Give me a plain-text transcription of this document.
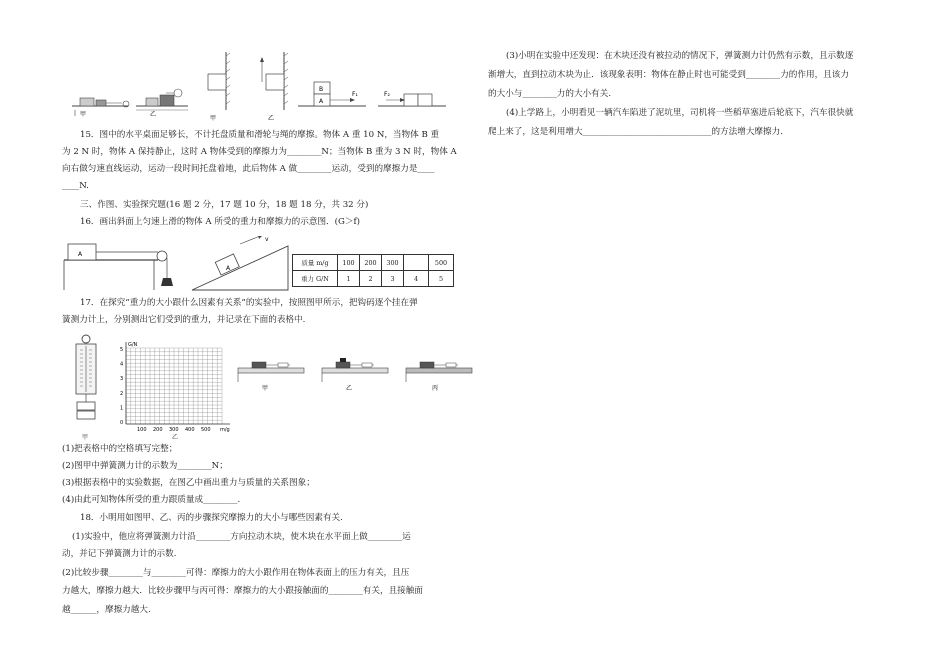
甲	乙
甲	乙
B
A
F₁	F₂
15．图中的水平桌面足够长，不计托盘质量和滑轮与绳的摩擦。物体 A 重 10 N，当物体 B 重
为 2 N 时，物体 A 保持静止，这时 A 物体受到的摩擦力为________N；当物体 B 重为 3 N 时，物体 A
向右做匀速直线运动，运动一段时间托盘着地，此后物体 A 做________运动，受到的摩擦力是____
____N.
三、作图、实验探究题(16 题 2 分，17 题 10 分，18 题 18 分，共 32 分)
16．画出斜面上匀速上滑的物体 A 所受的重力和摩擦力的示意图．(G＞f)
A
A
v
质量 m/g	100	200	300		500
重力 G/N	1	2	3	4	5
17．在探究“重力的大小跟什么因素有关系”的实验中，按照图甲所示，把钩码逐个挂在弹
簧测力计上，分别测出它们受到的重力，并记录在下面的表格中.
甲
5
4
3
2
1
0
100 200 300 400 500
G/N
m/g
乙
甲	乙	丙
(1)把表格中的空格填写完整；
(2)图甲中弹簧测力计的示数为________N；
(3)根据表格中的实验数据，在图乙中画出重力与质量的关系图象；
(4)由此可知物体所受的重力跟质量成________.
18．小明用如图甲、乙、丙的步骤探究摩擦力的大小与哪些因素有关.
(1)实验中，他应将弹簧测力计沿________方向拉动木块，使木块在水平面上做________运
动，并记下弹簧测力计的示数.
(2)比较步骤________与________可得：摩擦力的大小跟作用在物体表面上的压力有关，且压
力越大，摩擦力越大．比较步骤甲与丙可得：摩擦力的大小跟接触面的________有关，且接触面
越______，摩擦力越大.
(3)小明在实验中还发现：在木块还没有被拉动的情况下，弹簧测力计仍然有示数，且示数逐
渐增大，直到拉动木块为止．该现象表明：物体在静止时也可能受到________力的作用，且该力
的大小与________力的大小有关.
(4)上学路上，小明看见一辆汽车陷进了泥坑里，司机将一些稻草塞进后轮底下，汽车很快就
爬上来了，这是利用增大______________________________的方法增大摩擦力.
